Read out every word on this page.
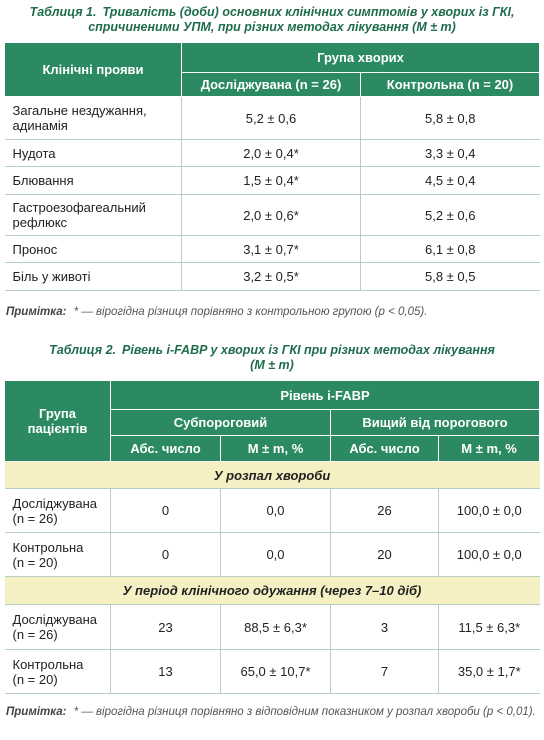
Таблиця 1. Тривалість (доби) основних клінічних симптомів у хворих із ГКІ,
спричиненими УПМ, при різних методах лікування (M ± m)
Клінічні прояви	Група хворих	
	Досліджувана (n = 26)	Контрольна (n = 20)
Загальне нездужання,
адинамія	5,2 ± 0,6	5,8 ± 0,8
Нудота	2,0 ± 0,4*	3,3 ± 0,4
Блювання	1,5 ± 0,4*	4,5 ± 0,4
Гастроезофагеальний
рефлюкс	2,0 ± 0,6*	5,2 ± 0,6
Пронос	3,1 ± 0,7*	6,1 ± 0,8
Біль у животі	3,2 ± 0,5*	5,8 ± 0,5
Примітка: * — вірогідна різниця порівняно з контрольною групою (р < 0,05).
Таблиця 2. Рівень i-FABP у хворих із ГКІ при різних методах лікування
(M ± m)
Група
пацієнтів	Рівень i-FABP			
	Субпороговий		Вищий від порогового	
	Абс. число	M ± m, %	Абс. число	M ± m, %
У розпал хвороби				
Досліджувана
(n = 26)	0	0,0	26	100,0 ± 0,0
Контрольна
(n = 20)	0	0,0	20	100,0 ± 0,0
У період клінічного одужання (через 7–10 діб)				
Досліджувана
(n = 26)	23	88,5 ± 6,3*	3	11,5 ± 6,3*
Контрольна
(n = 20)	13	65,0 ± 10,7*	7	35,0 ± 1,7*
Примітка: * — вірогідна різниця порівняно з відповідним показником у розпал хвороби (р < 0,01).
